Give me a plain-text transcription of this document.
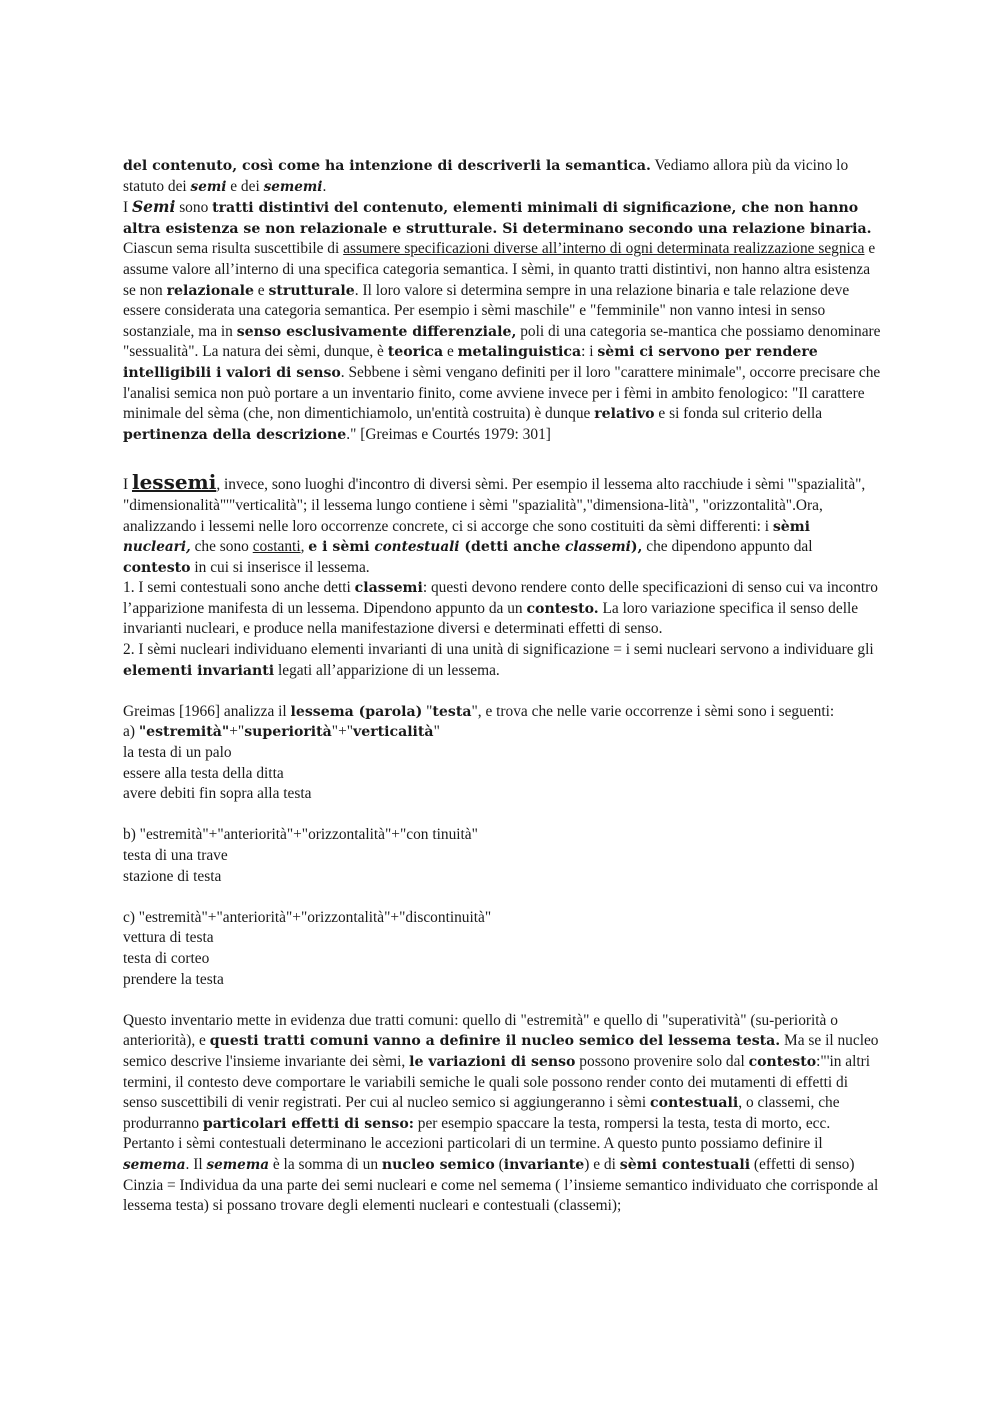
del contenuto, così come ha intenzione di descriverli la semantica. Vediamo allora più da vicino lo statuto dei semi e dei sememi.

I Semi sono tratti distintivi del contenuto, elementi minimali di significazione, che non hanno altra esistenza se non relazionale e strutturale. Si determinano secondo una relazione binaria. Ciascun sema risulta suscettibile di assumere specificazioni diverse all’interno di ogni determinata realizzazione segnica e assume valore all’interno di una specifica categoria semantica. I sèmi, in quanto tratti distintivi, non hanno altra esistenza se non relazionale e strutturale. Il loro valore si determina sempre in una relazione binaria e tale relazione deve essere considerata una categoria semantica. Per esempio i sèmi maschile" e "femminile" non vanno intesi in senso sostanziale, ma in senso esclusivamente differenziale, poli di una categoria se-mantica che possiamo denominare "sessualità". La natura dei sèmi, dunque, è teorica e metalinguistica: i sèmi ci servono per rendere intelligibili i valori di senso. Sebbene i sèmi vengano definiti per il loro "carattere minimale", occorre precisare che l'analisi semica non può portare a un inventario finito, come avviene invece per i fèmi in ambito fenologico: "Il carattere minimale del sèma (che, non dimentichiamolo, un'entità costruita) è dunque relativo e si fonda sul criterio della pertinenza della descrizione." [Greimas e Courtés 1979: 301]

I lessemi, invece, sono luoghi d'incontro di diversi sèmi. Per esempio il lessema alto racchiude i sèmi '"spazialità", "dimensionalità"'"verticalità"; il lessema lungo contiene i sèmi "spazialità","dimensiona-lità", "orizzontalità".Ora, analizzando i lessemi nelle loro occorrenze concrete, ci si accorge che sono costituiti da sèmi differenti: i sèmi nucleari, che sono costanti, e i sèmi contestuali (detti anche classemi), che dipendono appunto dal contesto in cui si inserisce il lessema.

1. I semi contestuali sono anche detti classemi: questi devono rendere conto delle specificazioni di senso cui va incontro l’apparizione manifesta di un lessema. Dipendono appunto da un contesto. La loro variazione specifica il senso delle invarianti nucleari, e produce nella manifestazione diversi e determinati effetti di senso.

2. I sèmi nucleari individuano elementi invarianti di una unità di significazione = i semi nucleari servono a individuare gli elementi invarianti legati all’apparizione di un lessema.

Greimas [1966] analizza il lessema (parola) "testa", e trova che nelle varie occorrenze i sèmi sono i seguenti:

a) "estremità"+"superiorità"+"verticalità"

la testa di un palo

essere alla testa della ditta

avere debiti fin sopra alla testa

b) "estremità"+"anteriorità"+"orizzontalità"+"con tinuità"

testa di una trave

stazione di testa

c) "estremità"+"anteriorità"+"orizzontalità"+"discontinuità"

vettura di testa

testa di corteo

prendere la testa

Questo inventario mette in evidenza due tratti comuni: quello di "estremità" e quello di "superatività" (su-periorità o anteriorità), e questi tratti comuni vanno a definire il nucleo semico del lessema testa. Ma se il nucleo semico descrive l'insieme invariante dei sèmi, le variazioni di senso possono provenire solo dal contesto:"'in altri termini, il contesto deve comportare le variabili semiche le quali sole possono render conto dei mutamenti di effetti di senso suscettibili di venir registrati. Per cui al nucleo semico si aggiungeranno i sèmi contestuali, o classemi, che produrranno particolari effetti di senso: per esempio spaccare la testa, rompersi la testa, testa di morto, ecc. Pertanto i sèmi contestuali determinano le accezioni particolari di un termine. A questo punto possiamo definire il semema. Il semema è la somma di un nucleo semico (invariante) e di sèmi contestuali (effetti di senso)

Cinzia = Individua da una parte dei semi nucleari e come nel semema ( l’insieme semantico individuato che corrisponde al lessema testa) si possano trovare degli elementi nucleari e contestuali (classemi);
